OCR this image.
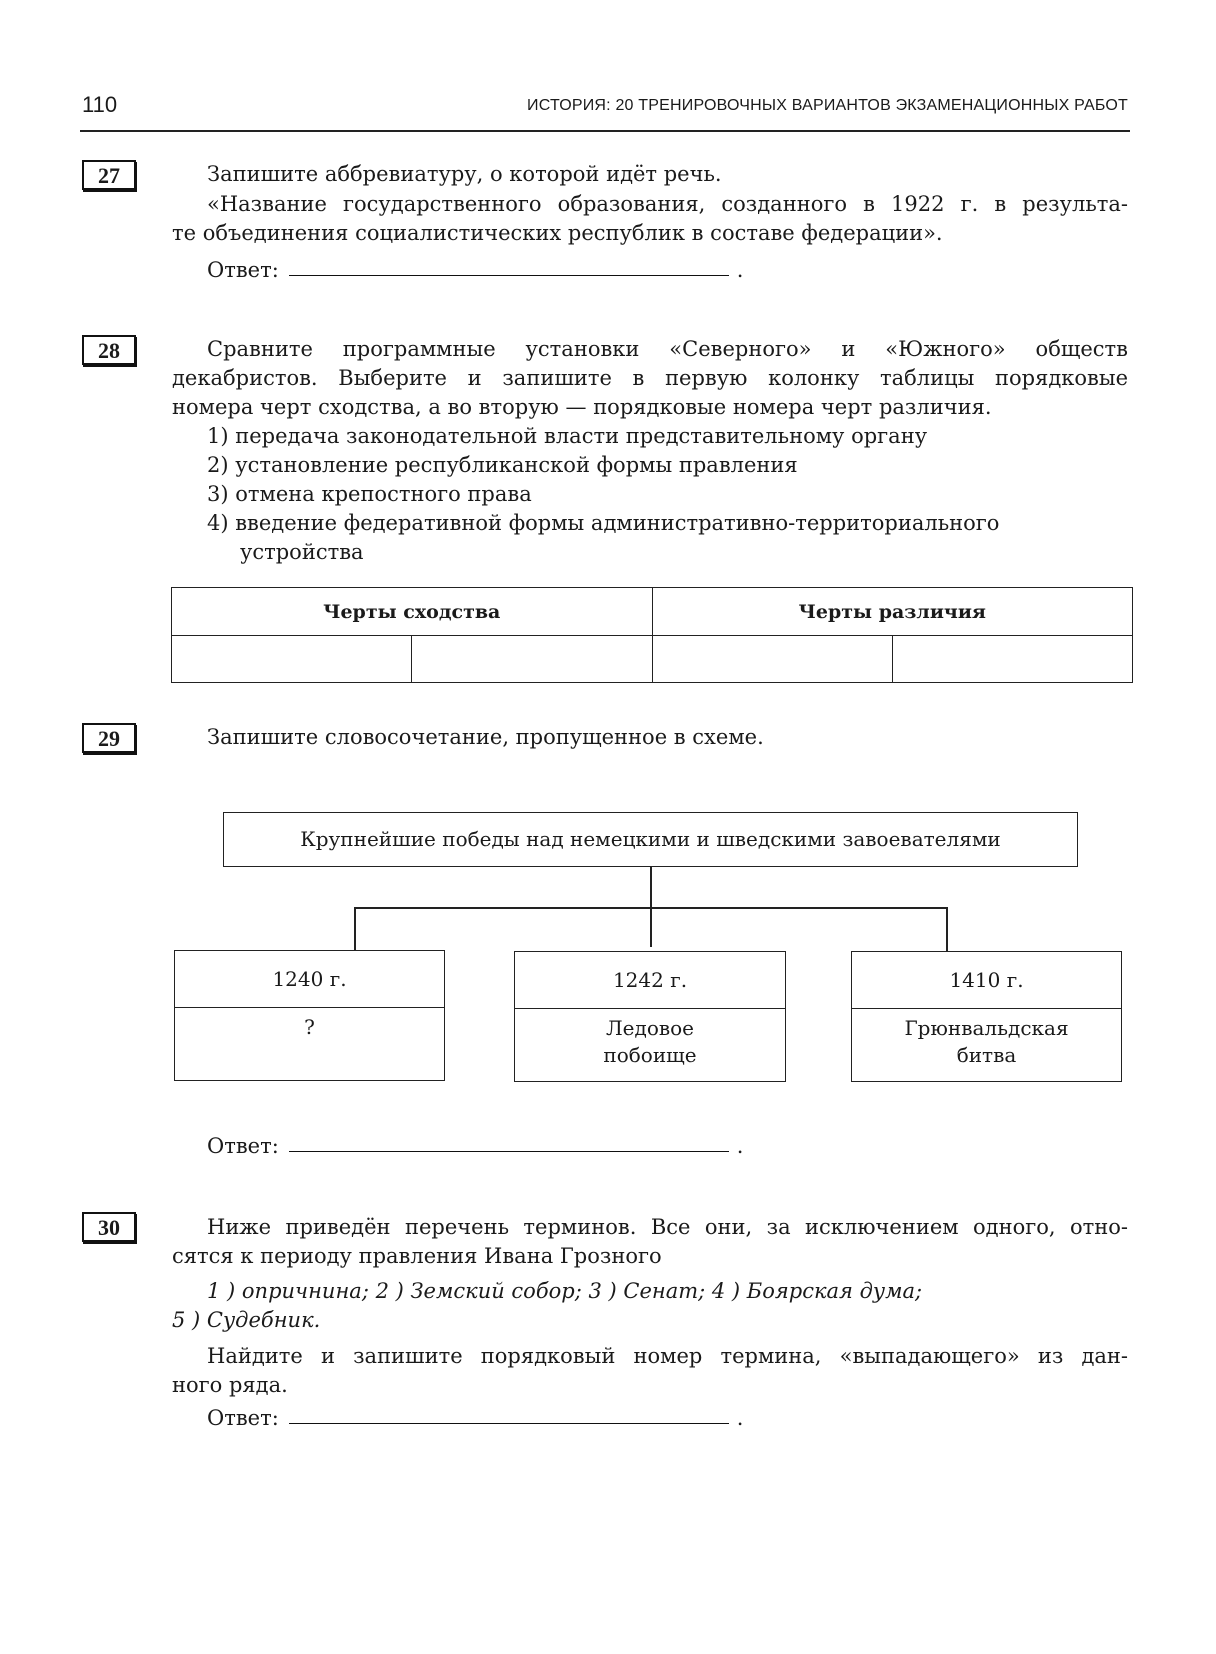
110	ИСТОРИЯ: 20 ТРЕНИРОВОЧНЫХ ВАРИАНТОВ ЭКЗАМЕНАЦИОННЫХ РАБОТ
27	Запишите аббревиатуру, о которой идёт речь.
«Название государственного образования, созданного в 1922 г. в результа-
те объединения социалистических республик в составе федерации».
Ответ:	.
28	Сравните программные установки «Северного» и «Южного» обществ
декабристов. Выберите и запишите в первую колонку таблицы порядковые
номера черт сходства, а во вторую — порядковые номера черт различия.
1) передача законодательной власти представительному органу
2) установление республиканской формы правления
3) отмена крепостного права
4) введение федеративной формы административно-территориального
устройства
Черты сходства		Черты различия	

29	Запишите словосочетание, пропущенное в схеме.
Крупнейшие победы над немецкими и шведскими завоевателями
1240 г.
?
1242 г.
Ледовое
побоище
1410 г.
Грюнвальдская
битва
Ответ:	.
30	Ниже приведён перечень терминов. Все они, за исключением одного, отно-
сятся к периоду правления Ивана Грозного
1 ) опричнина; 2 ) Земский собор; 3 ) Сенат; 4 ) Боярская дума;
5 ) Судебник.
Найдите и запишите порядковый номер термина, «выпадающего» из дан-
ного ряда.
Ответ:	.
